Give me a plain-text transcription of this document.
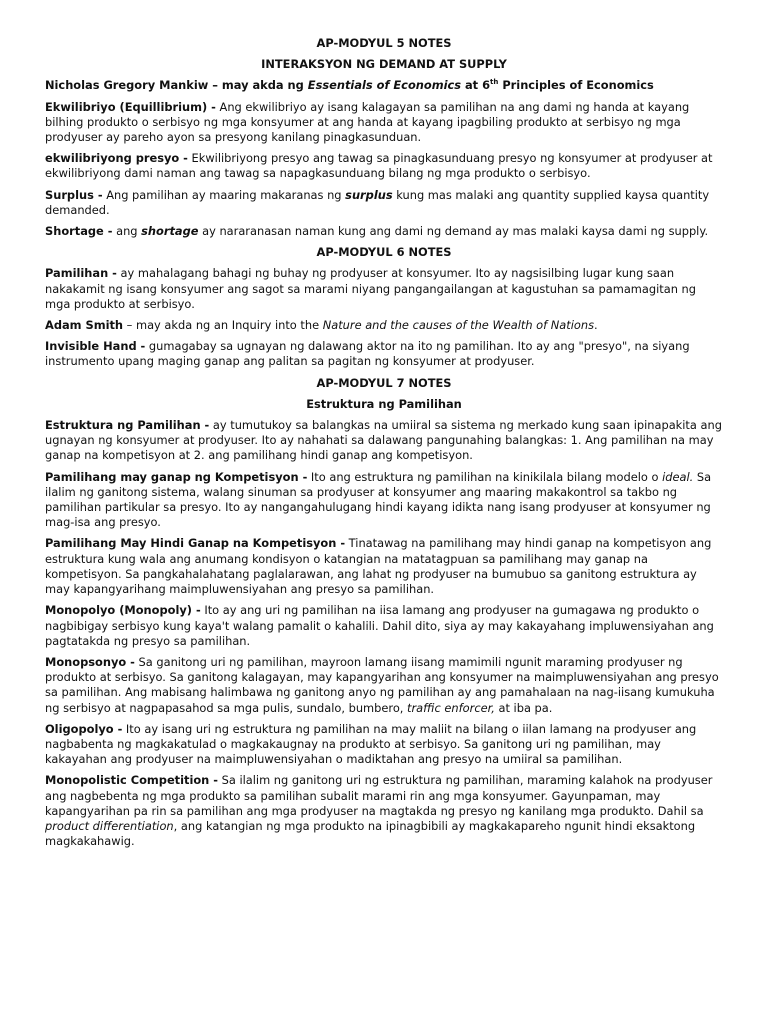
AP-MODYUL 5 NOTES
INTERAKSYON NG DEMAND AT SUPPLY

Nicholas Gregory Mankiw – may akda ng Essentials of Economics at 6th Principles of Economics

Ekwilibriyo (Equillibrium) - Ang ekwilibriyo ay isang kalagayan sa pamilihan na ang dami ng handa at kayang bilhing produkto o serbisyo ng mga konsyumer at ang handa at kayang ipagbiling produkto at serbisyo ng mga prodyuser ay pareho ayon sa presyong kanilang pinagkasunduan.

ekwilibriyong presyo - Ekwilibriyong presyo ang tawag sa pinagkasunduang presyo ng konsyumer at prodyuser at ekwilibriyong dami naman ang tawag sa napagkasunduang bilang ng mga produkto o serbisyo.

Surplus - Ang pamilihan ay maaring makaranas ng surplus kung mas malaki ang quantity supplied kaysa quantity demanded.

Shortage - ang shortage ay nararanasan naman kung ang dami ng demand ay mas malaki kaysa dami ng supply.

AP-MODYUL 6 NOTES

Pamilihan - ay mahalagang bahagi ng buhay ng prodyuser at konsyumer. Ito ay nagsisilbing lugar kung saan nakakamit ng isang konsyumer ang sagot sa marami niyang pangangailangan at kagustuhan sa pamamagitan ng mga produkto at serbisyo.

Adam Smith – may akda ng an Inquiry into the Nature and the causes of the Wealth of Nations.

Invisible Hand - gumagabay sa ugnayan ng dalawang aktor na ito ng pamilihan. Ito ay ang "presyo", na siyang instrumento upang maging ganap ang palitan sa pagitan ng konsyumer at prodyuser.

AP-MODYUL 7 NOTES
Estruktura ng Pamilihan

Estruktura ng Pamilihan - ay tumutukoy sa balangkas na umiiral sa sistema ng merkado kung saan ipinapakita ang ugnayan ng konsyumer at prodyuser. Ito ay nahahati sa dalawang pangunahing balangkas: 1. Ang pamilihan na may ganap na kompetisyon at 2. ang pamilihang hindi ganap ang kompetisyon.

Pamilihang may ganap ng Kompetisyon - Ito ang estruktura ng pamilihan na kinikilala bilang modelo o ideal. Sa ilalim ng ganitong sistema, walang sinuman sa prodyuser at konsyumer ang maaring makakontrol sa takbo ng pamilihan partikular sa presyo. Ito ay nangangahulugang hindi kayang idikta nang isang prodyuser at konsyumer ng mag-isa ang presyo.

Pamilihang May Hindi Ganap na Kompetisyon - Tinatawag na pamilihang may hindi ganap na kompetisyon ang estruktura kung wala ang anumang kondisyon o katangian na matatagpuan sa pamilihang may ganap na kompetisyon. Sa pangkahalahatang paglalarawan, ang lahat ng prodyuser na bumubuo sa ganitong estruktura ay may kapangyarihang maimpluwensiyahan ang presyo sa pamilihan.

Monopolyo (Monopoly) - Ito ay ang uri ng pamilihan na iisa lamang ang prodyuser na gumagawa ng produkto o nagbibigay serbisyo kung kaya't walang pamalit o kahalili. Dahil dito, siya ay may kakayahang impluwensiyahan ang pagtatakda ng presyo sa pamilihan.

Monopsonyo - Sa ganitong uri ng pamilihan, mayroon lamang iisang mamimili ngunit maraming prodyuser ng produkto at serbisyo. Sa ganitong kalagayan, may kapangyarihan ang konsyumer na maimpluwensiyahan ang presyo sa pamilihan. Ang mabisang halimbawa ng ganitong anyo ng pamilihan ay ang pamahalaan na nag-iisang kumukuha ng serbisyo at nagpapasahod sa mga pulis, sundalo, bumbero, traffic enforcer, at iba pa.

Oligopolyo - Ito ay isang uri ng estruktura ng pamilihan na may maliit na bilang o iilan lamang na prodyuser ang nagbabenta ng magkakatulad o magkakaugnay na produkto at serbisyo. Sa ganitong uri ng pamilihan, may kakayahan ang prodyuser na maimpluwensiyahan o madiktahan ang presyo na umiiral sa pamilihan.

Monopolistic Competition - Sa ilalim ng ganitong uri ng estruktura ng pamilihan, maraming kalahok na prodyuser ang nagbebenta ng mga produkto sa pamilihan subalit marami rin ang mga konsyumer. Gayunpaman, may kapangyarihan pa rin sa pamilihan ang mga prodyuser na magtakda ng presyo ng kanilang mga produkto. Dahil sa product differentiation, ang katangian ng mga produkto na ipinagbibili ay magkakapareho ngunit hindi eksaktong magkakahawig.
